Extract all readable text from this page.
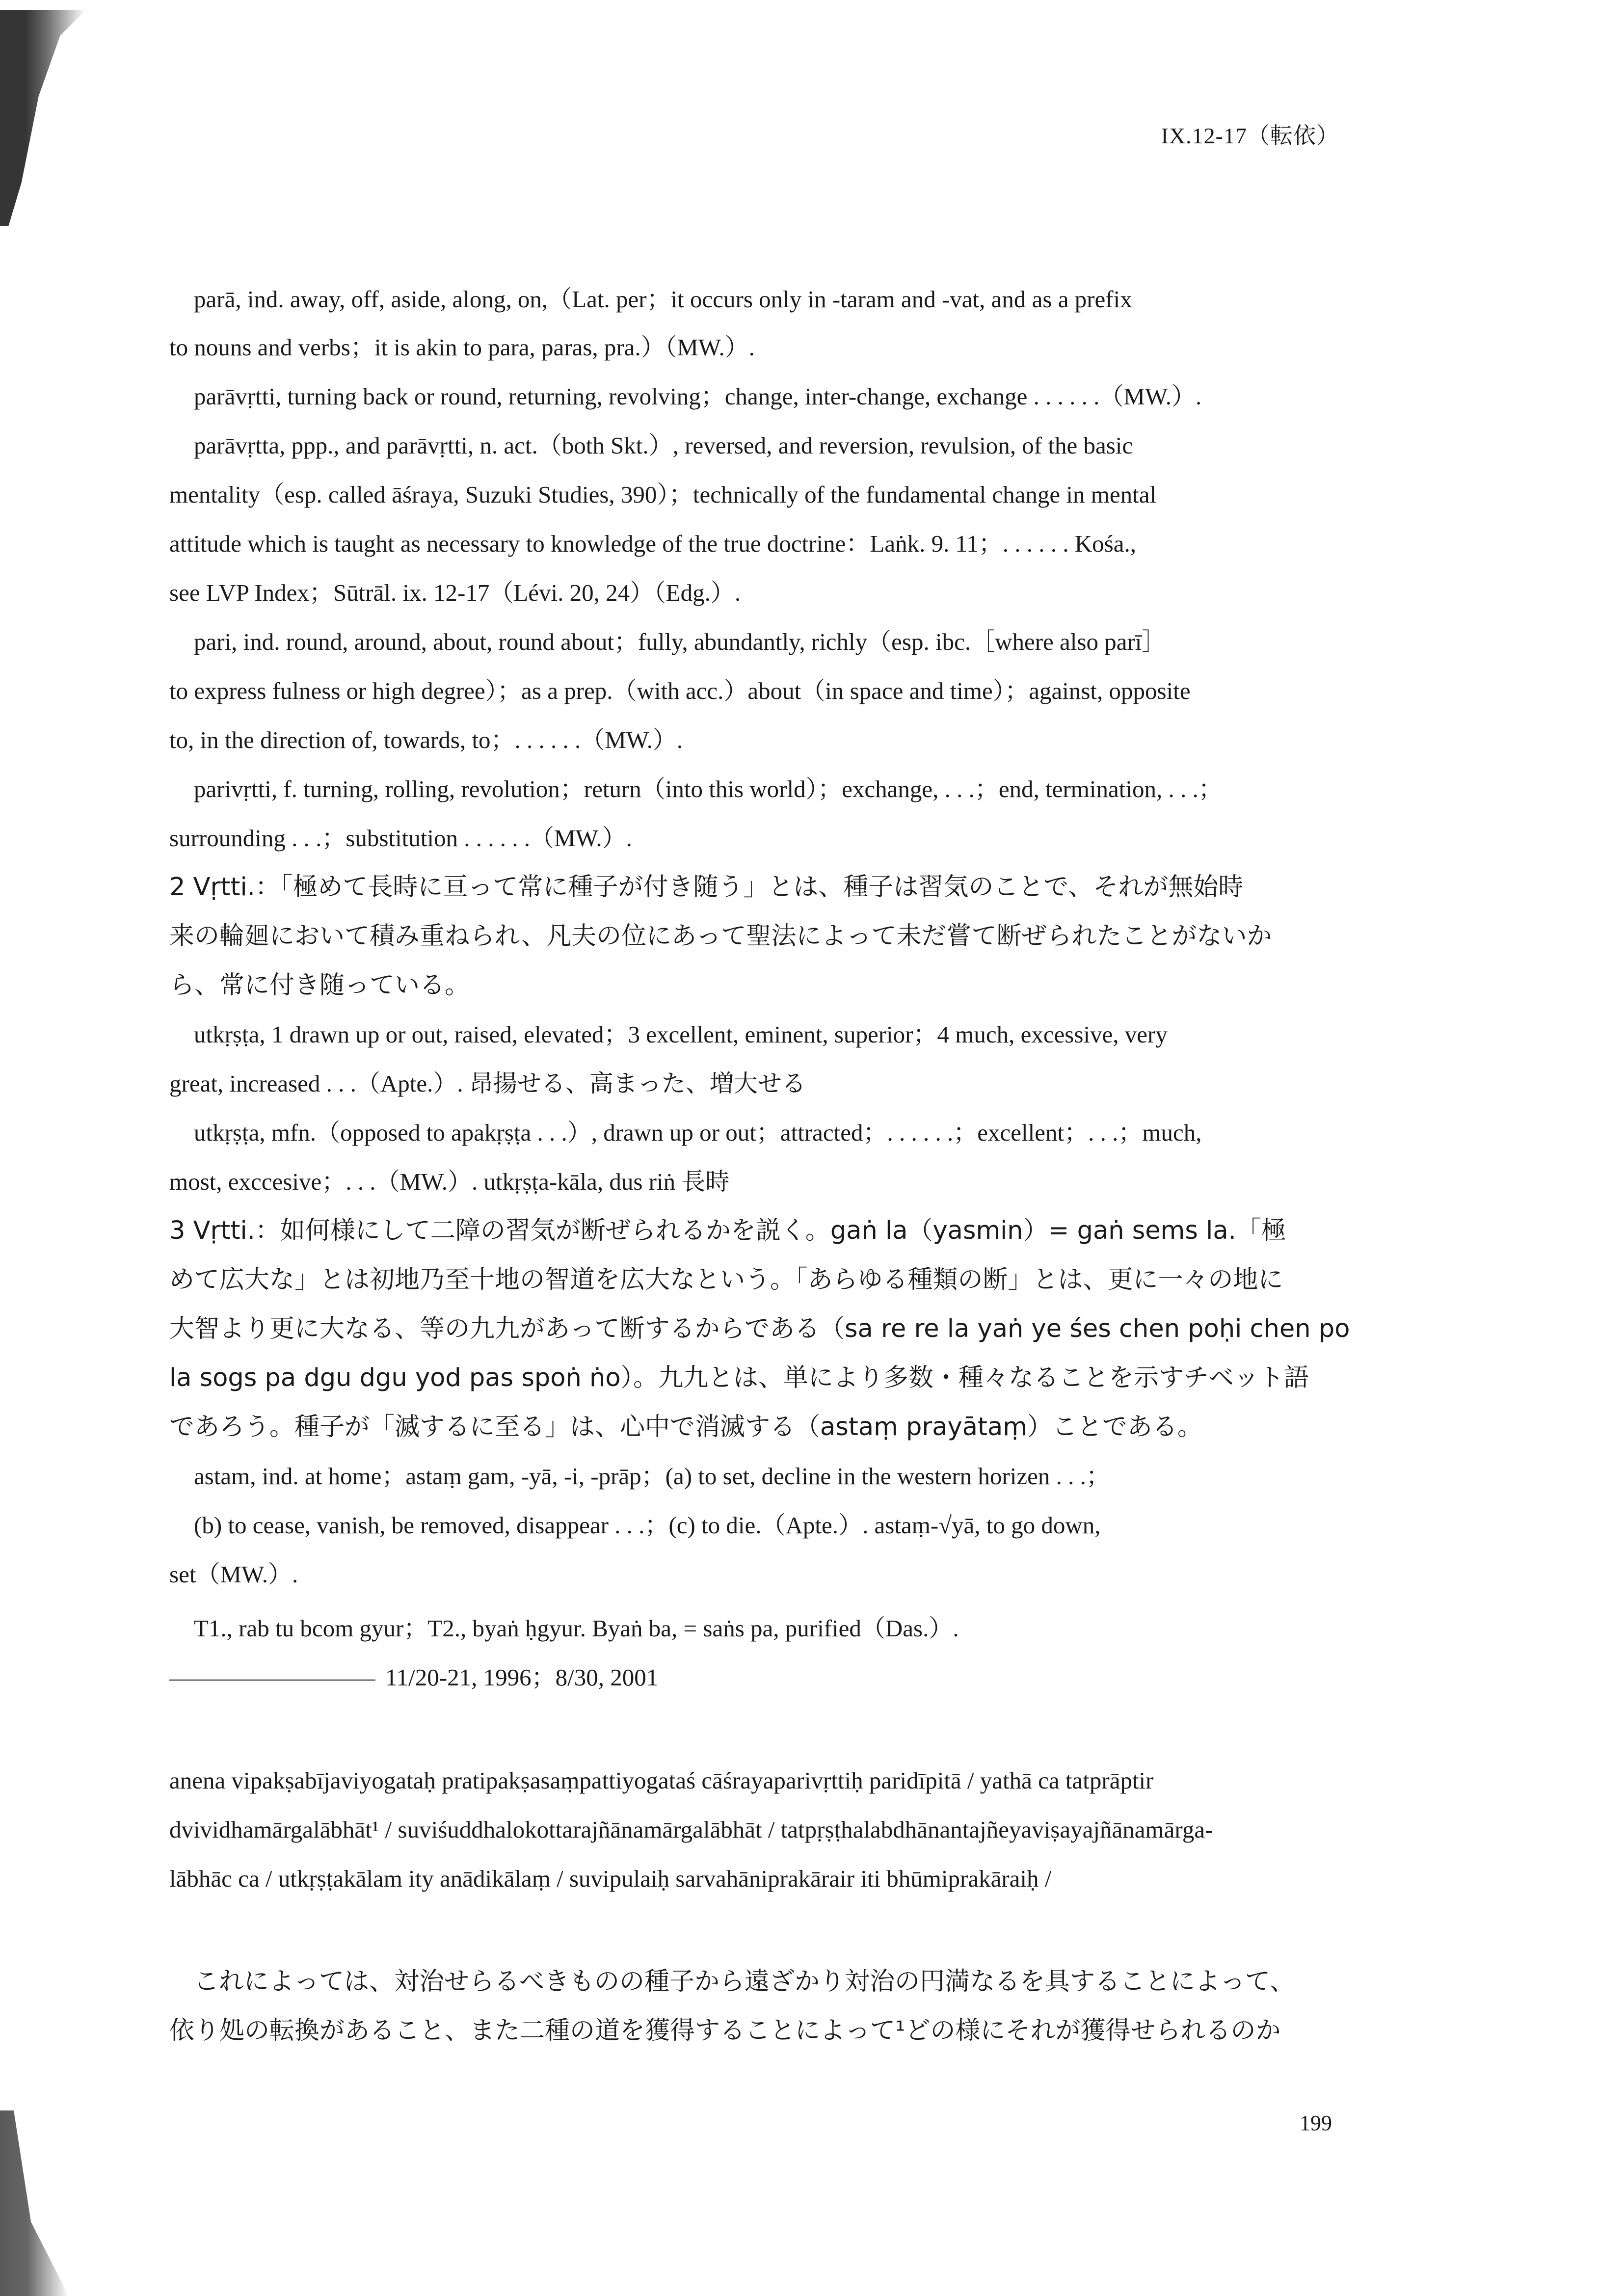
IX.12-17（転依）
parā, ind. away, off, aside, along, on,（Lat. per；it occurs only in -taram and -vat, and as a prefix
to nouns and verbs；it is akin to para, paras, pra.）（MW.）.
parāvṛtti, turning back or round, returning, revolving；change, inter-change, exchange . . . . . .（MW.）.
parāvṛtta, ppp., and parāvṛtti, n. act.（both Skt.）, reversed, and reversion, revulsion, of the basic
mentality（esp. called āśraya, Suzuki Studies, 390）；technically of the fundamental change in mental
attitude which is taught as necessary to knowledge of the true doctrine：Laṅk. 9. 11；. . . . . . Kośa.,
see LVP Index；Sūtrāl. ix. 12-17（Lévi. 20, 24）（Edg.）.
pari, ind. round, around, about, round about；fully, abundantly, richly（esp. ibc.［where also parī］
to express fulness or high degree）；as a prep.（with acc.）about（in space and time）；against, opposite
to, in the direction of, towards, to；. . . . . .（MW.）.
parivṛtti, f. turning, rolling, revolution；return（into this world）；exchange, . . .；end, termination, . . .；
surrounding . . .；substitution . . . . . .（MW.）.
2 Vṛtti.：「極めて長時に亘って常に種子が付き随う」とは、種子は習気のことで、それが無始時
来の輪廻において積み重ねられ、凡夫の位にあって聖法によって未だ嘗て断ぜられたことがないか
ら、常に付き随っている。
utkṛṣṭa, 1 drawn up or out, raised, elevated；3 excellent, eminent, superior；4 much, excessive, very
great, increased . . .（Apte.）. 昂揚せる、高まった、増大せる
utkṛṣṭa, mfn.（opposed to apakṛṣṭa . . .）, drawn up or out；attracted；. . . . . .；excellent；. . .；much,
most, exccesive；. . .（MW.）. utkṛṣṭa-kāla, dus riṅ 長時
3 Vṛtti.：如何様にして二障の習気が断ぜられるかを説く。gaṅ la（yasmin）= gaṅ sems la.「極
めて広大な」とは初地乃至十地の智道を広大なという。「あらゆる種類の断」とは、更に一々の地に
大智より更に大なる、等の九九があって断するからである（sa re re la yaṅ ye śes chen poḥi chen po
la sogs pa dgu dgu yod pas spoṅ ṅo）。九九とは、単により多数・種々なることを示すチベット語
であろう。種子が「滅するに至る」は、心中で消滅する（astaṃ prayātaṃ）ことである。
astam, ind. at home；astaṃ gam, -yā, -i, -prāp；(a) to set, decline in the western horizen . . .；
(b) to cease, vanish, be removed, disappear . . .；(c) to die.（Apte.）. astaṃ-√yā, to go down,
set（MW.）.
T1., rab tu bcom gyur；T2., byaṅ ḥgyur. Byaṅ ba, = saṅs pa, purified（Das.）.
11/20-21, 1996；8/30, 2001
anena vipakṣabījaviyogataḥ pratipakṣasaṃpattiyogataś cāśrayaparivṛttiḥ paridīpitā / yathā ca tatprāptir
dvividhamārgalābhāt¹ / suviśuddhalokottarajñānamārgalābhāt / tatpṛṣṭhalabdhānantajñeyaviṣayajñānamārga-
lābhāc ca / utkṛṣṭakālam ity anādikālaṃ / suvipulaiḥ sarvahāniprakārair iti bhūmiprakāraiḥ /
これによっては、対治せらるべきものの種子から遠ざかり対治の円満なるを具することによって、
依り処の転換があること、また二種の道を獲得することによって¹どの様にそれが獲得せられるのか
199
